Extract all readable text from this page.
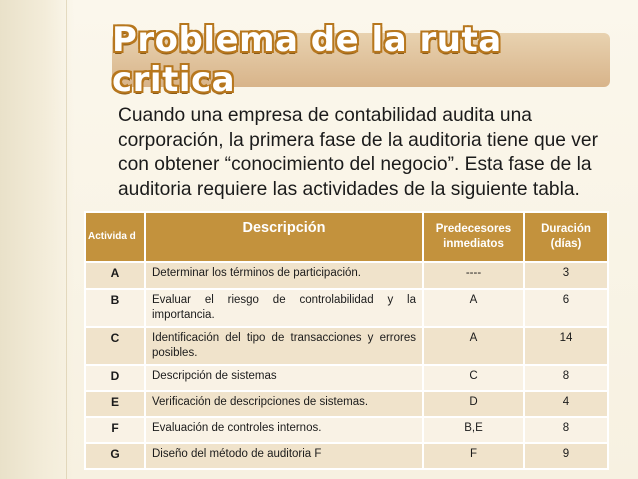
Problema de la ruta critica
Cuando una empresa de contabilidad audita una corporación, la primera fase de la auditoria tiene que ver con obtener “conocimiento del negocio”. Esta fase de la auditoria requiere las actividades de la siguiente tabla.
Activida d	Descripción	Predecesores inmediatos	Duración (días)
A	Determinar los términos de participación.	----	3
B	Evaluar el riesgo de controlabilidad y la importancia.	A	6
C	Identificación del tipo de transacciones y errores posibles.	A	14
D	Descripción de sistemas	C	8
E	Verificación de descripciones de sistemas.	D	4
F	Evaluación de controles internos.	B,E	8
G	Diseño del método de auditoria F	F	9
